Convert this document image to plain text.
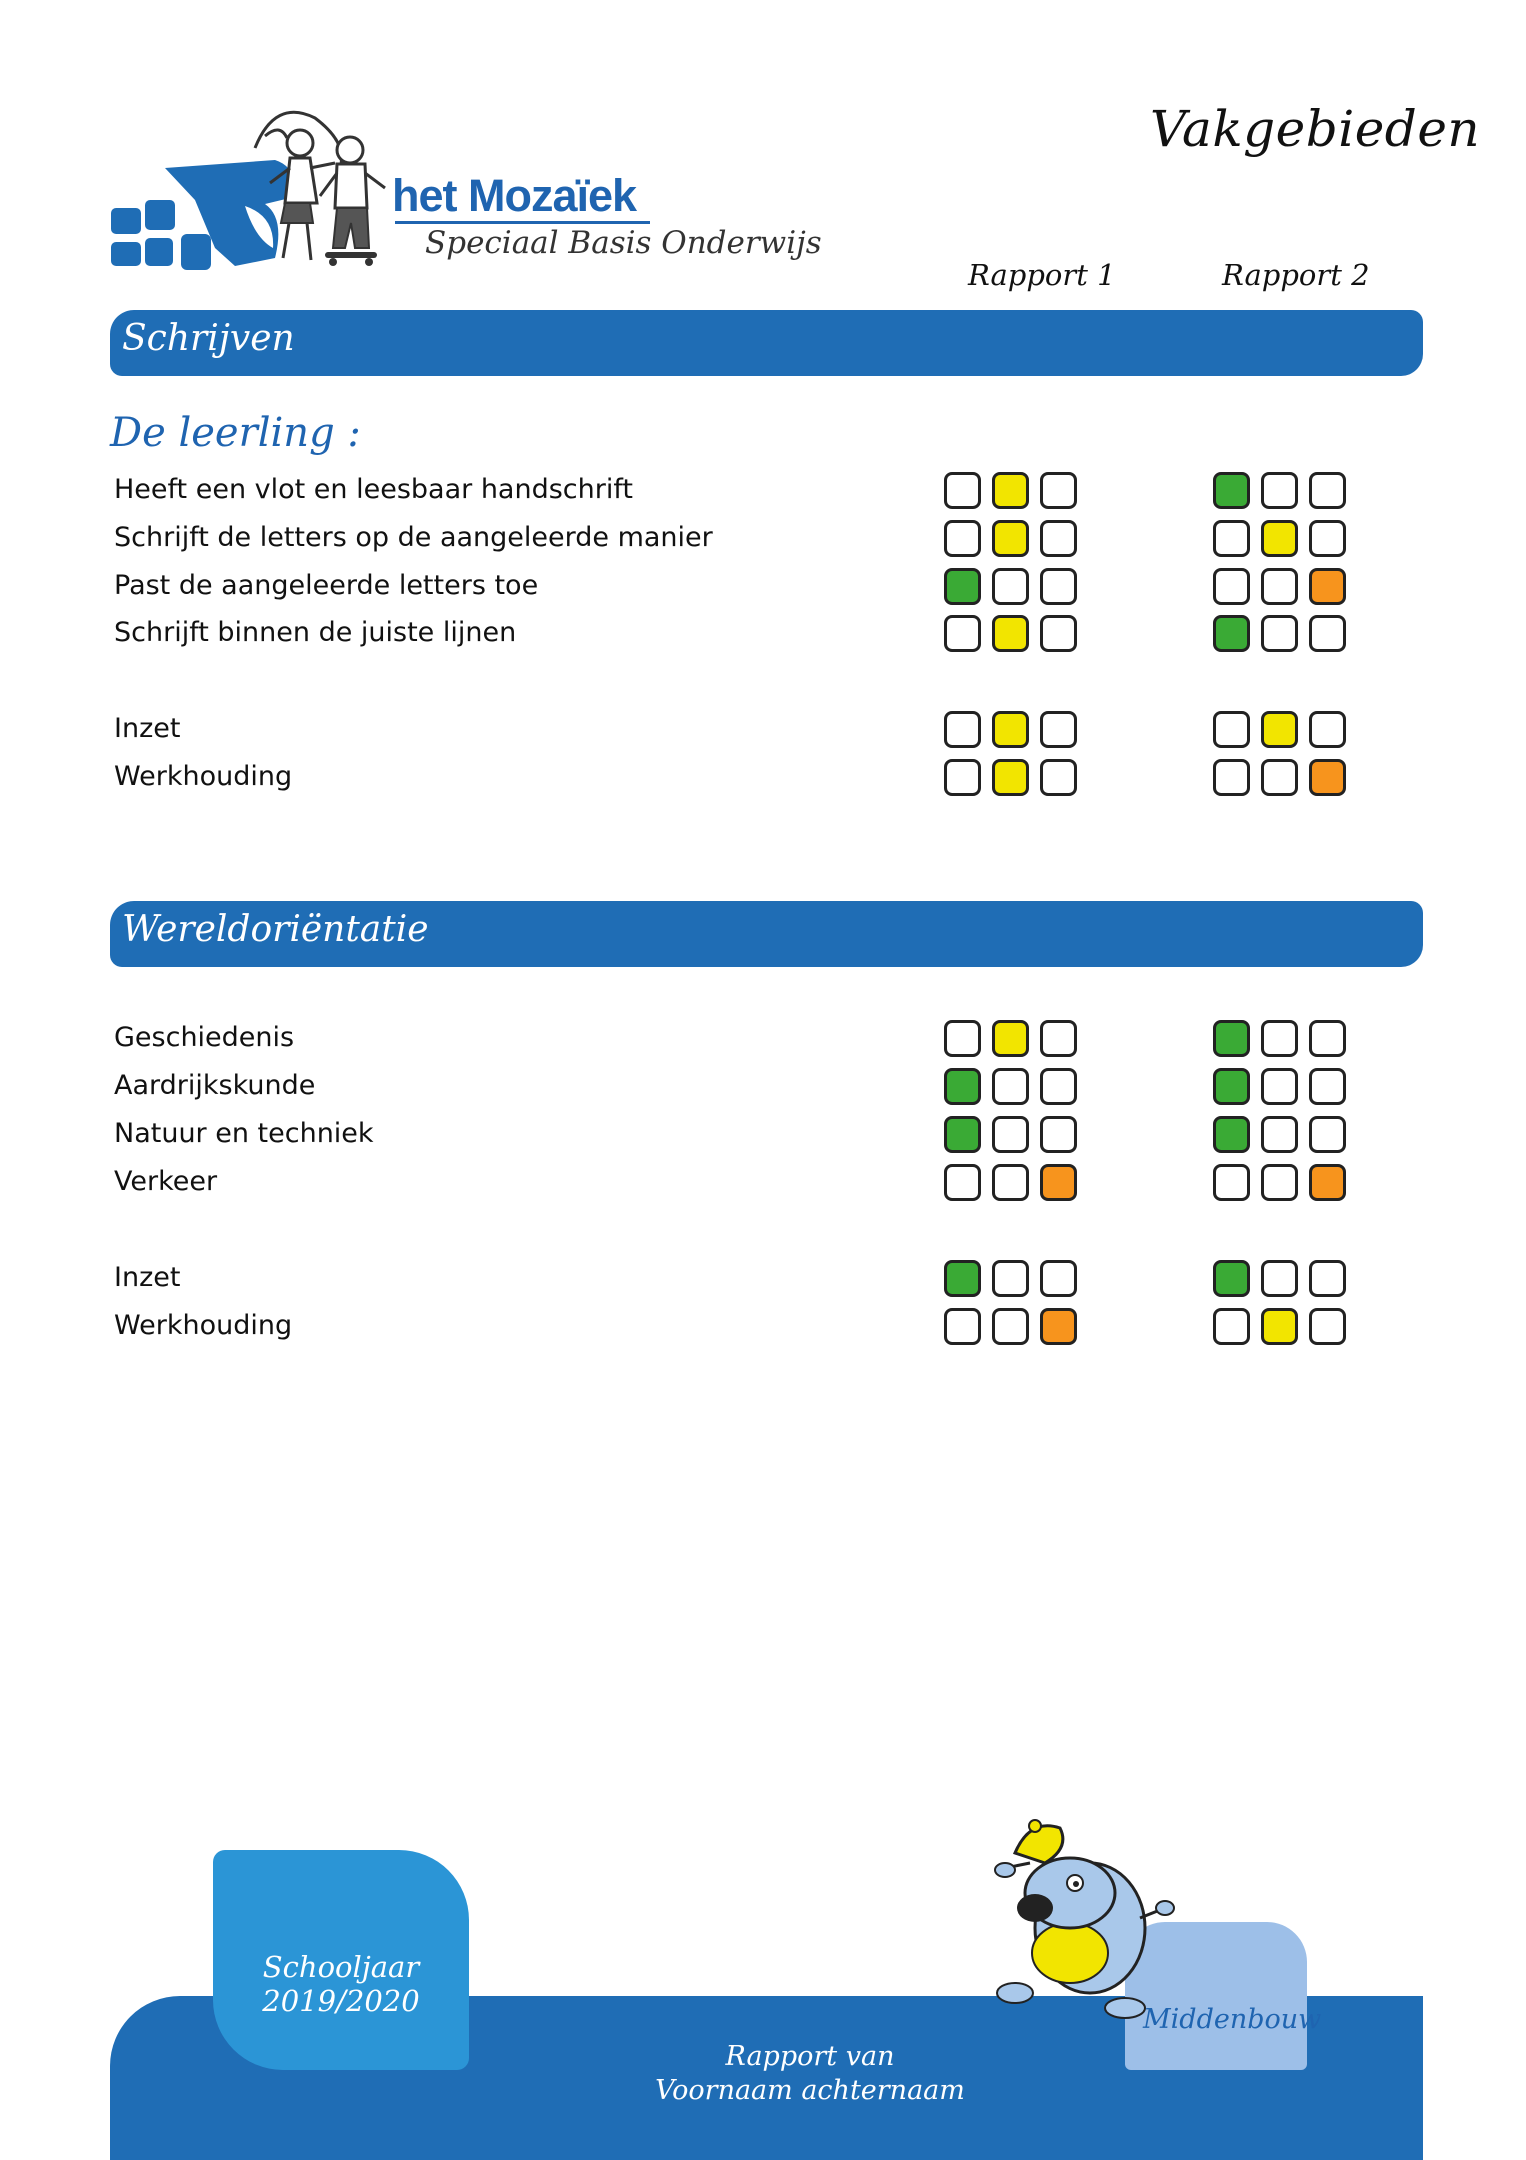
Vakgebieden
Rapport 1	Rapport 2
het Mozaïek
Speciaal Basis Onderwijs
Schrijven
De leerling :
Heeft een vlot en leesbaar handschrift
Schrijft de letters op de aangeleerde manier
Past de aangeleerde letters toe
Schrijft binnen de juiste lijnen
Inzet
Werkhouding
Wereldoriëntatie
Geschiedenis
Aardrijkskunde
Natuur en techniek
Verkeer
Inzet
Werkhouding
Schooljaar
2019/2020
Rapport van
Voornaam achternaam
Middenbouw
